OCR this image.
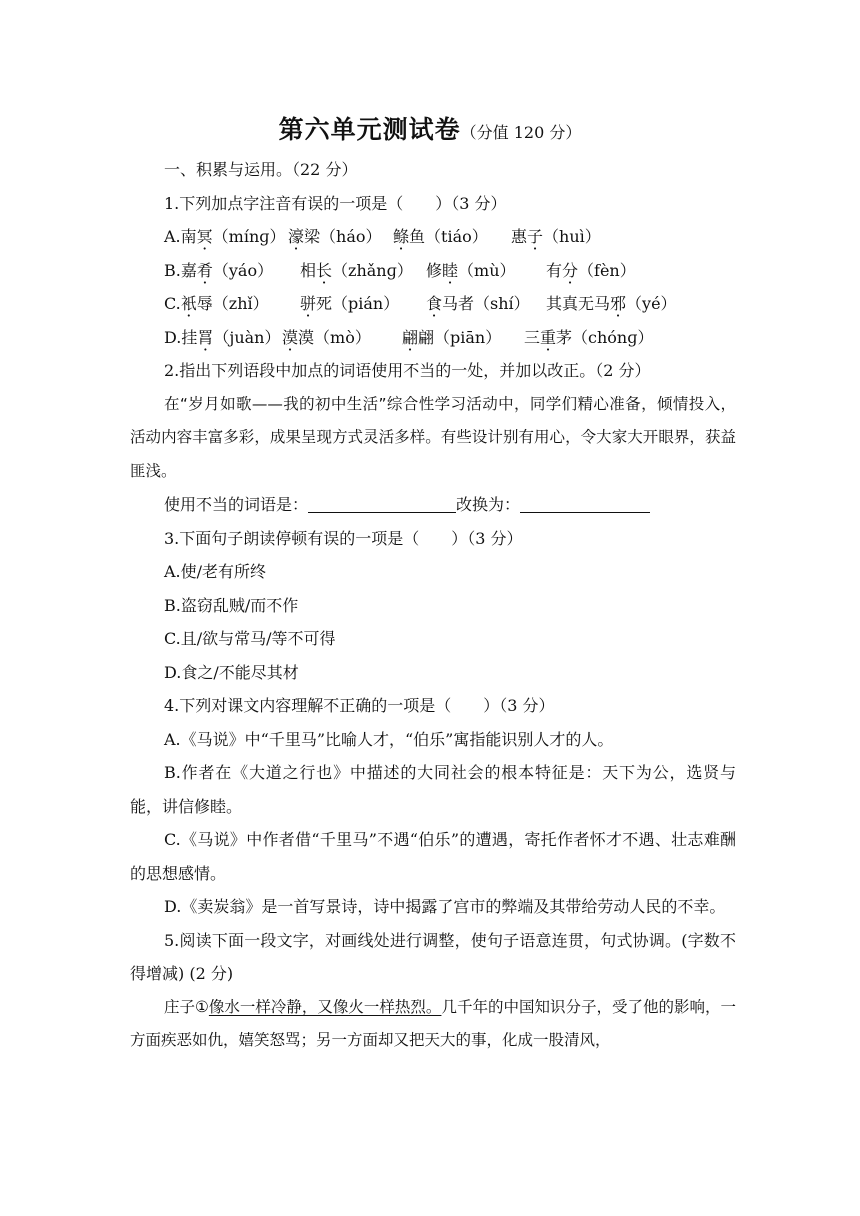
第六单元测试卷（分值 120 分）
一、积累与运用。（22 分）
1.下列加点字注音有误的一项是（　　）（3 分）
A.南冥（mínɡ） 濠梁（háo） 鲦鱼（tiáo） 惠子（huì）
B.嘉肴（yáo） 相长（zhǎnɡ） 修睦（mù） 有分（fèn）
C.衹辱（zhǐ） 骈死（pián） 食马者（shí） 其真无马邪（yé）
D.挂罥（juàn）漠漠（mò） 翩翩（piān） 三重茅（chónɡ）
2.指出下列语段中加点的词语使用不当的一处，并加以改正。（2 分）
在“岁月如歌——我的初中生活”综合性学习活动中，同学们精心准备，倾情投入，活动内容丰富多彩，成果呈现方式灵活多样。有些设计别有用心，令大家大开眼界，获益匪浅。
使用不当的词语是：	改换为：
3.下面句子朗读停顿有误的一项是（　　）（3 分）
A.使/老有所终
B.盗窃乱贼/而不作
C.且/欲与常马/等不可得
D.食之/不能尽其材
4.下列对课文内容理解不正确的一项是（　　）（3 分）
A.《马说》中“千里马”比喻人才，“伯乐”寓指能识别人才的人。
B.作者在《大道之行也》中描述的大同社会的根本特征是：天下为公，选贤与能，讲信修睦。
C.《马说》中作者借“千里马”不遇“伯乐”的遭遇，寄托作者怀才不遇、壮志难酬的思想感情。
D.《卖炭翁》是一首写景诗，诗中揭露了宫市的弊端及其带给劳动人民的不幸。
5.阅读下面一段文字，对画线处进行调整，使句子语意连贯，句式协调。(字数不得增减) (2 分)
庄子①像水一样冷静，又像火一样热烈。几千年的中国知识分子，受了他的影响，一方面疾恶如仇，嬉笑怒骂；另一方面却又把天大的事，化成一股清风，
